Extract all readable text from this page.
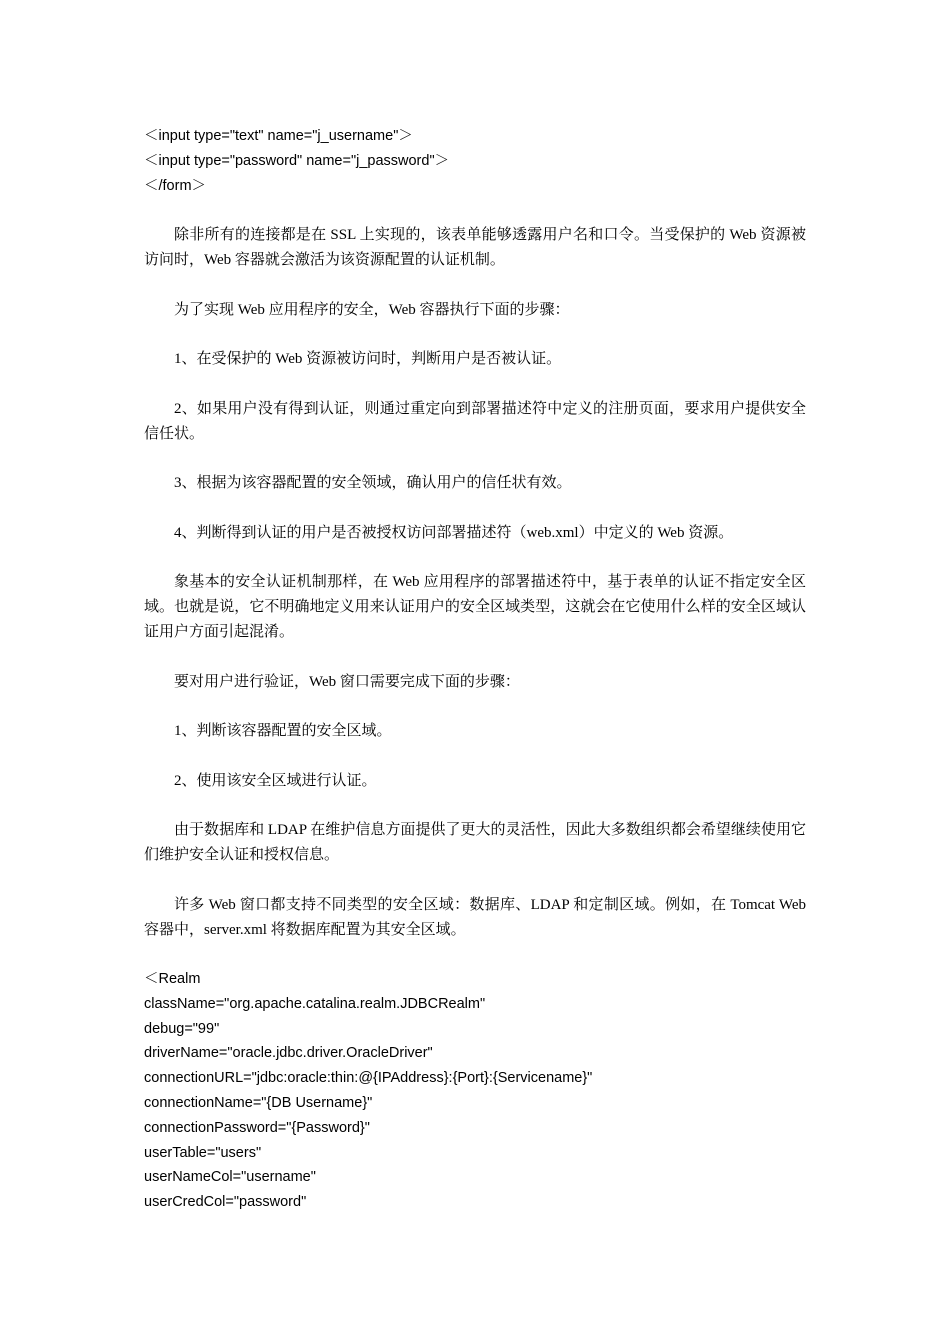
＜input type="text" name="j_username"＞
＜input type="password" name="j_password"＞
＜/form＞
除非所有的连接都是在 SSL 上实现的，该表单能够透露用户名和口令。当受保护的 Web 资源被访问时，Web 容器就会激活为该资源配置的认证机制。
为了实现 Web 应用程序的安全，Web 容器执行下面的步骤：
1、在受保护的 Web 资源被访问时，判断用户是否被认证。
2、如果用户没有得到认证，则通过重定向到部署描述符中定义的注册页面，要求用户提供安全信任状。
3、根据为该容器配置的安全领域，确认用户的信任状有效。
4、判断得到认证的用户是否被授权访问部署描述符（web.xml）中定义的 Web 资源。
象基本的安全认证机制那样，在 Web 应用程序的部署描述符中，基于表单的认证不指定安全区域。也就是说，它不明确地定义用来认证用户的安全区域类型，这就会在它使用什么样的安全区域认证用户方面引起混淆。
要对用户进行验证，Web 窗口需要完成下面的步骤：
1、判断该容器配置的安全区域。
2、使用该安全区域进行认证。
由于数据库和 LDAP 在维护信息方面提供了更大的灵活性，因此大多数组织都会希望继续使用它们维护安全认证和授权信息。
许多 Web 窗口都支持不同类型的安全区域：数据库、LDAP 和定制区域。例如，在 Tomcat Web 容器中，server.xml 将数据库配置为其安全区域。
＜Realm
className="org.apache.catalina.realm.JDBCRealm"
debug="99"
driverName="oracle.jdbc.driver.OracleDriver"
connectionURL="jdbc:oracle:thin:@{IPAddress}:{Port}:{Servicename}"
connectionName="{DB Username}"
connectionPassword="{Password}"
userTable="users"
userNameCol="username"
userCredCol="password"
